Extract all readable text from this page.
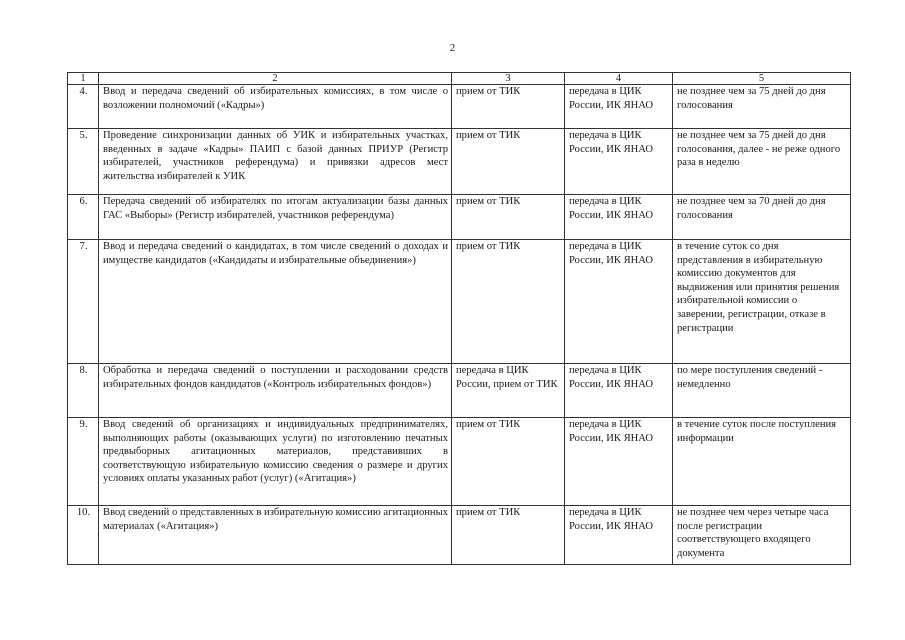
2
1	2	3	4	5
4.	Ввод и передача сведений об избирательных комиссиях, в том числе о возложении полномочий («Кадры»)	прием от ТИК	передача в ЦИК России, ИК ЯНАО	не позднее чем за 75 дней до дня голосования
5.	Проведение синхронизации данных об УИК и избирательных участках, введенных в задаче «Кадры» ПАИП с базой данных ПРИУР (Регистр избирателей, участников референдума) и привязки адресов мест жительства избирателей к УИК	прием от ТИК	передача в ЦИК России, ИК ЯНАО	не позднее чем за 75 дней до дня голосования, далее - не реже одного раза в неделю
6.	Передача сведений об избирателях по итогам актуализации базы данных ГАС «Выборы» (Регистр избирателей, участников референдума)	прием от ТИК	передача в ЦИК России, ИК ЯНАО	не позднее чем за 70 дней до дня голосования
7.	Ввод и передача сведений о кандидатах, в том числе сведений о доходах и имуществе кандидатов («Кандидаты и избирательные объединения»)	прием от ТИК	передача в ЦИК России, ИК ЯНАО	в течение суток со дня представления в избирательную комиссию документов для выдвижения или принятия решения избирательной комиссии о заверении, регистрации, отказе в регистрации
8.	Обработка и передача сведений о поступлении и расходовании средств избирательных фондов кандидатов («Контроль избирательных фондов»)	передача в ЦИК России, прием от ТИК	передача в ЦИК России, ИК ЯНАО	по мере поступления сведений - немедленно
9.	Ввод сведений об организациях и индивидуальных предпринимателях, выполняющих работы (оказывающих услуги) по изготовлению печатных предвыборных агитационных материалов, представивших в соответствующую избирательную комиссию сведения о размере и других условиях оплаты указанных работ (услуг) («Агитация»)	прием от ТИК	передача в ЦИК России, ИК ЯНАО	в течение суток после поступления информации
10.	Ввод сведений о представленных в избирательную комиссию агитационных материалах («Агитация»)	прием от ТИК	передача в ЦИК России, ИК ЯНАО	не позднее чем через четыре часа после регистрации соответствующего входящего документа
